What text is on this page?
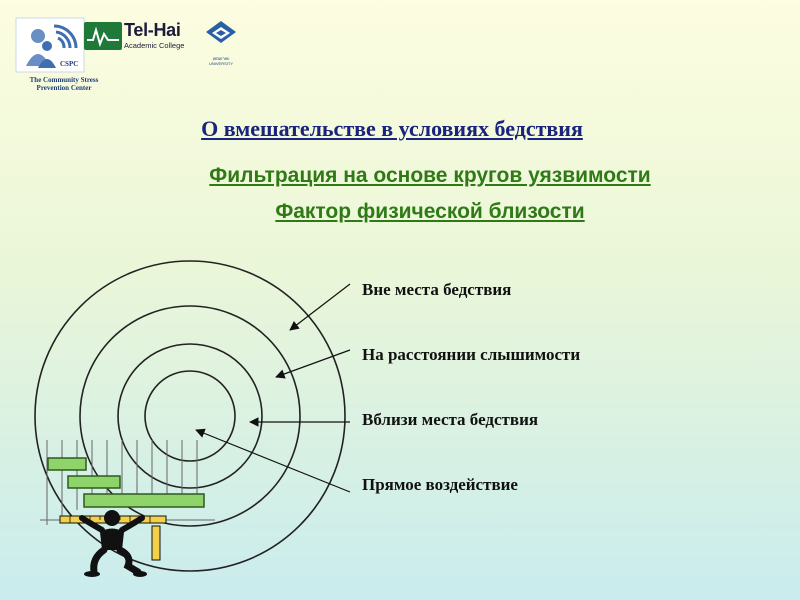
CSPC
The Community Stress
Prevention Center
Tel-Hai
Academic College
ווארזעמאן
UNIVERSITY
О вмешательстве в условиях бедствия
Фильтрация на основе кругов уязвимости
Фактор физической близости
Вне места бедствия
На расстоянии слышимости
Вблизи места бедствия
Прямое воздействие
